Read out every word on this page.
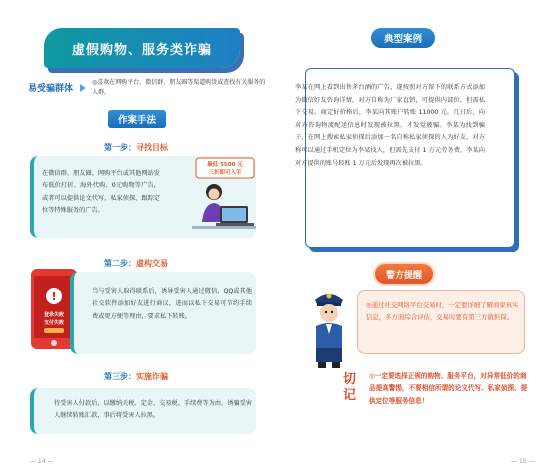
虚假购物、服务类诈骗
易受骗群体
◎喜欢在网购平台、微信群、朋友圈等渠道购货或查找有关服务的人群。
作案手法
第一步：寻找目标
在微信群、朋友圈、网购平台或其他网站发布低价打折、海外代购、0元购物等广告，或者可以提供论文代写、私家侦探、跟踪定位等特殊服务的广告。
最低 5500 元
三折即可入手
第二步：虚构交易
!
登录失败
支付失败
当与受害人取得联系后，诱导受害人通过微信、QQ或其他社交软件添加好友进行商议，进而以私下交易可节约手续费或更方便等理由，要求私下转账。
第三步：实施诈骗
待受害人付款后，以缴纳关税、定金、交易税、手续费等为由，诱骗受害人继续转账汇款，事后将受害人拉黑。
— 14 —
典型案例
李某在网上看到出售茅台酒的广告，遂按照对方留下的联系方式添加为微信好友咨询详情。对方自称为厂家直销，可提供内部价，但需私下交易。商定好价格后，李某向其账户转账 11000 元。几日后，向对方咨询物流配送信息时发现被拉黑，才发觉被骗。李某为找到骗子，在网上搜索私家侦探后添加一名自称私家侦探的人为好友。对方称可以通过手机定位为李某找人，但需先支付 1 万元劳务费，李某向对方提供的账号转账 1 万元后发现再次被拉黑。
警方提醒
◎通过社交网络平台交易时，一定要详细了解商家真实信息，多方面综合评估，交易时要有第三方做担保。
切记
◎一定要选择正规的购物、服务平台，对异常低价的商品提高警惕，不要相信所谓的论文代写、私家侦探、提供定位等服务信息！
— 15 —
